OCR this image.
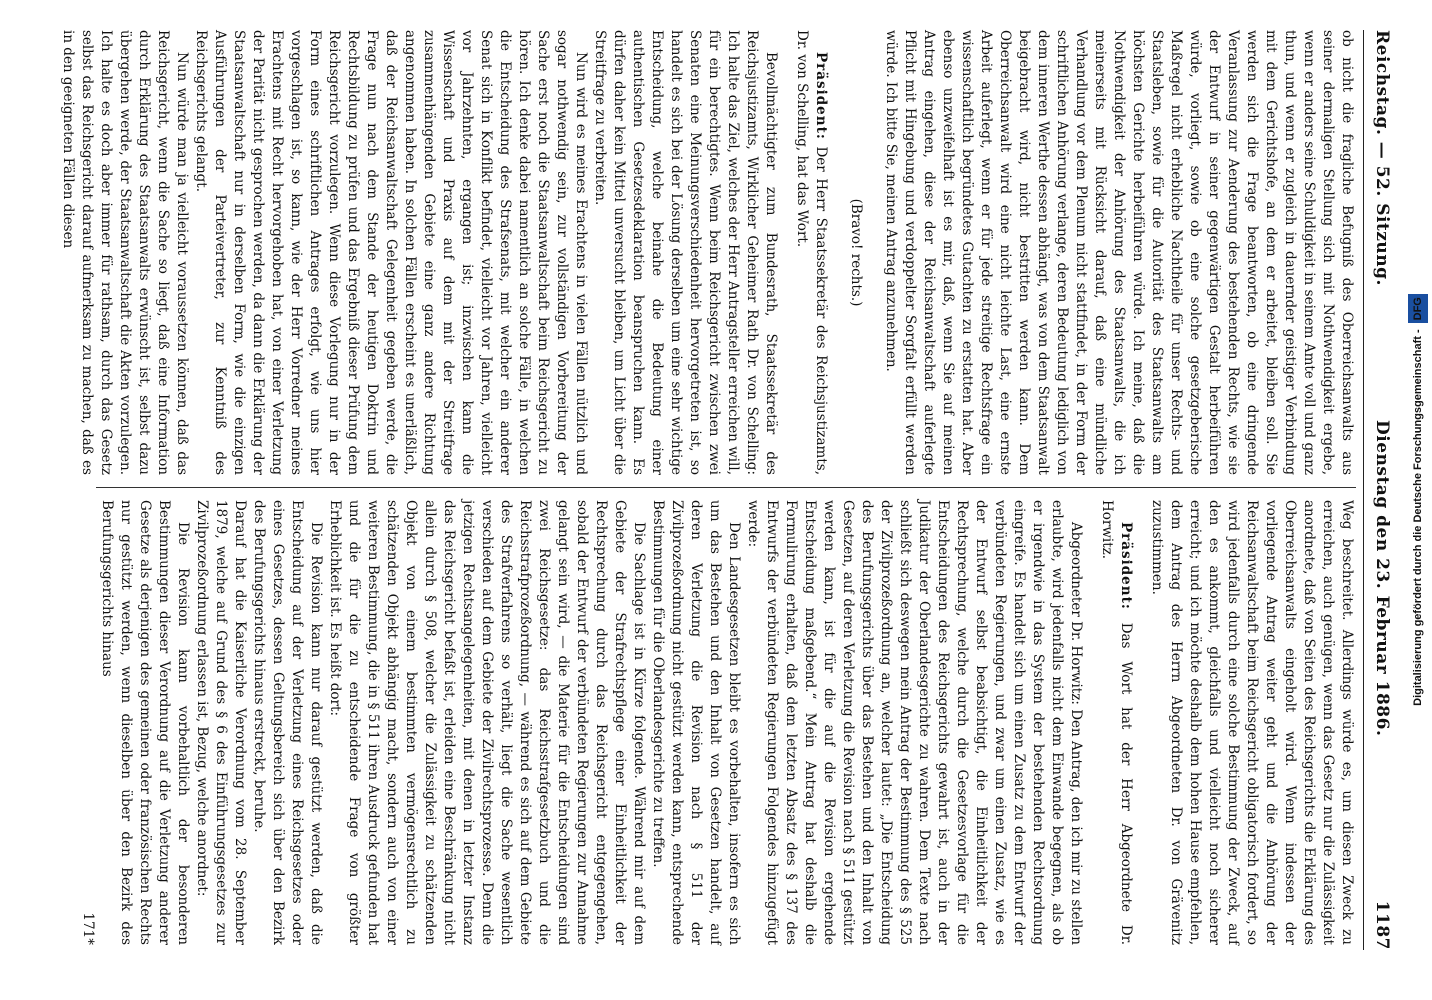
Reichstag. — 52. Sitzung.
Dienstag den 23. Februar 1886.
1187

ob nicht die fragliche Befugniß des Oberreichsanwalts aus seiner dermaligen Stellung sich mit Nothwendigkeit ergebe, wenn er anders seine Schuldigkeit in seinem Amte voll und ganz thun, und wenn er zugleich in dauernder geistiger Verbindung mit dem Gerichtshofe, an dem er arbeitet, bleiben soll. Sie werden sich die Frage beantworten, ob eine dringende Veranlassung zur Aenderung des bestehenden Rechts, wie sie der Entwurf in seiner gegenwärtigen Gestalt herbeiführen würde, vorliegt, sowie ob eine solche gesetzgeberische Maßregel nicht erhebliche Nachtheile für unser Rechts- und Staatsleben, sowie für die Autorität des Staatsanwalts am höchsten Gerichte herbeiführen würde. Ich meine, daß die Nothwendigkeit der Anhörung des Staatsanwalts, die ich meinerseits mit Rücksicht darauf, daß eine mündliche Verhandlung vor dem Plenum nicht stattfindet, in der Form der schriftlichen Anhörung verlange, deren Bedeutung lediglich von dem inneren Werthe dessen abhängt, was von dem Staatsanwalt beigebracht wird, nicht bestritten werden kann. Dem Oberreichsanwalt wird eine nicht leichte Last, eine ernste Arbeit auferlegt, wenn er für jede streitige Rechtsfrage ein wissenschaftlich begründetes Gutachten zu erstatten hat. Aber ebenso unzweifelhaft ist es mir, daß, wenn Sie auf meinen Antrag eingehen, diese der Reichsanwaltschaft auferlegte Pflicht mit Hingebung und verdoppelter Sorgfalt erfüllt werden würde. Ich bitte Sie, meinen Antrag anzunehmen.

(Bravo! rechts.)

Präsident: Der Herr Staatssekretär des Reichsjustizamts, Dr. von Schelling, hat das Wort.

Bevollmächtigter zum Bundesrath, Staatssekretär des Reichsjustizamts, Wirklicher Geheimer Rath Dr. von Schelling: Ich halte das Ziel, welches der Herr Antragsteller erreichen will, für ein berechtigtes. Wenn beim Reichsgericht zwischen zwei Senaten eine Meinungsverschiedenheit hervorgetreten ist, so handelt es sich bei der Lösung derselben um eine sehr wichtige Entscheidung, welche beinahe die Bedeutung einer authentischen Gesetzesdeklaration beanspruchen kann. Es dürfen daher kein Mittel unversucht bleiben, um Licht über die Streitfrage zu verbreiten.

Nun wird es meines Erachtens in vielen Fällen nützlich und sogar nothwendig sein, zur vollständigen Vorbereitung der Sache erst noch die Staatsanwaltschaft beim Reichsgericht zu hören. Ich denke dabei namentlich an solche Fälle, in welchen die Entscheidung des Strafsenats, mit welcher ein anderer Senat sich in Konflikt befindet, vielleicht vor Jahren, vielleicht vor Jahrzehnten, ergangen ist; inzwischen kann die Wissenschaft und Praxis auf dem mit der Streitfrage zusammenhängenden Gebiete eine ganz andere Richtung angenommen haben. In solchen Fällen erscheint es unerläßlich, daß der Reichsanwaltschaft Gelegenheit gegeben werde, die Frage nun nach dem Stande der heutigen Doktrin und Rechtsbildung zu prüfen und das Ergebniß dieser Prüfung dem Reichsgericht vorzulegen. Wenn diese Vorlegung nur in der Form eines schriftlichen Antrages erfolgt, wie uns hier vorgeschlagen ist, so kann, wie der Herr Vorredner meines Erachtens mit Recht hervorgehoben hat, von einer Verletzung der Parität nicht gesprochen werden, da dann die Erklärung der Staatsanwaltschaft nur in derselben Form, wie die einzigen Ausführungen der Parteivertreter, zur Kenntniß des Reichsgerichts gelangt.

Nun würde man ja vielleicht voraussetzen können, daß das Reichsgericht, wenn die Sache so liegt, daß eine Information durch Erklärung des Staatsanwalts erwünscht ist, selbst dazu übergehen werde, der Staatsanwaltschaft die Akten vorzulegen. Ich halte es doch aber immer für rathsam, durch das Gesetz selbst das Reichsgericht darauf aufmerksam zu machen, daß es in den geeigneten Fällen diesen

Weg beschreitet. Allerdings würde es, um diesen Zweck zu erreichen, auch genügen, wenn das Gesetz nur die Zulässigkeit anordnete, daß von Seiten des Reichsgerichts die Erklärung des Oberreichsanwalts eingeholt wird. Wenn indessen der vorliegende Antrag weiter geht und die Anhörung der Reichsanwaltschaft beim Reichsgericht obligatorisch fordert, so wird jedenfalls durch eine solche Bestimmung der Zweck, auf den es ankommt, gleichfalls und vielleicht noch sicherer erreicht; und ich möchte deshalb dem hohen Hause empfehlen, dem Antrag des Herrn Abgeordneten Dr. von Grävenitz zuzustimmen.

Präsident: Das Wort hat der Herr Abgeordnete Dr. Horwitz.

Abgeordneter Dr. Horwitz: Den Antrag, den ich mir zu stellen erlaubte, wird jedenfalls nicht dem Einwande begegnen, als ob er irgendwie in das System der bestehenden Rechtsordnung eingreife. Es handelt sich um einen Zusatz zu dem Entwurf der verbündeten Regierungen, und zwar um einen Zusatz, wie es der Entwurf selbst beabsichtigt, die Einheitlichkeit der Rechtsprechung, welche durch die Gesetzesvorlage für die Entscheidungen des Reichsgerichts gewahrt ist, auch in der Judikatur der Oberlandesgerichte zu wahren. Dem Texte nach schließt sich deswegen mein Antrag der Bestimmung des § 525 der Zivilprozeßordnung an, welcher lautet: „Die Entscheidung des Berufungsgerichts über das Bestehen und den Inhalt von Gesetzen, auf deren Verletzung die Revision nach § 511 gestützt werden kann, ist für die auf die Revision ergehende Entscheidung maßgebend.“ Mein Antrag hat deshalb die Formulirung erhalten, daß dem letzten Absatz des § 137 des Entwurfs der verbündeten Regierungen Folgendes hinzugefügt werde:

Den Landesgesetzen bleibt es vorbehalten, insofern es sich um das Bestehen und den Inhalt von Gesetzen handelt, auf deren Verletzung die Revision nach § 511 der Zivilprozeßordnung nicht gestützt werden kann, entsprechende Bestimmungen für die Oberlandesgerichte zu treffen.

Die Sachlage ist in Kürze folgende. Während mir auf dem Gebiete der Strafrechtspflege einer Einheitlichkeit der Rechtsprechung durch das Reichsgericht entgegengehen, sobald der Entwurf der verbündeten Regierungen zur Annahme gelangt sein wird, — die Materie für die Entscheidungen sind zwei Reichsgesetze: das Reichsstrafgesetzbuch und die Reichsstrafprozeßordnung, — während es sich auf dem Gebiete des Strafverfahrens so verhält, liegt die Sache wesentlich verschieden auf dem Gebiete der Zivilrechtsprozesse. Denn die jetzigen Rechtsangelegenheiten, mit denen in letzter Instanz das Reichsgericht befaßt ist, erleiden eine Beschränkung nicht allein durch § 508, welcher die Zulässigkeit zu schätzenden Objekt von einem bestimmten vermögensrechtlich zu schätzenden Objekt abhängig macht, sondern auch von einer weiteren Bestimmung, die in § 511 ihren Ausdruck gefunden hat und die für die zu entscheidende Frage von größter Erheblichkeit ist. Es heißt dort:

Die Revision kann nur darauf gestützt werden, daß die Entscheidung auf der Verletzung eines Reichsgesetzes oder eines Gesetzes, dessen Geltungsbereich sich über den Bezirk des Berufungsgerichts hinaus erstreckt, beruhe.

Darauf hat die Kaiserliche Verordnung vom 28. September 1879, welche auf Grund des § 6 des Einführungsgesetzes zur Zivilprozeßordnung erlassen ist, Bezug, welche anordnet:

Die Revision kann vorbehaltlich der besonderen Bestimmungen dieser Verordnung auf die Verletzung anderer Gesetze als derjenigen des gemeinen oder französischen Rechts nur gestützt werden, wenn dieselben über den Bezirk des Berufungsgerichts hinaus

171*

Digitalisierung gefördert durch die Deutsche Forschungsgemeinschaft -DFG
